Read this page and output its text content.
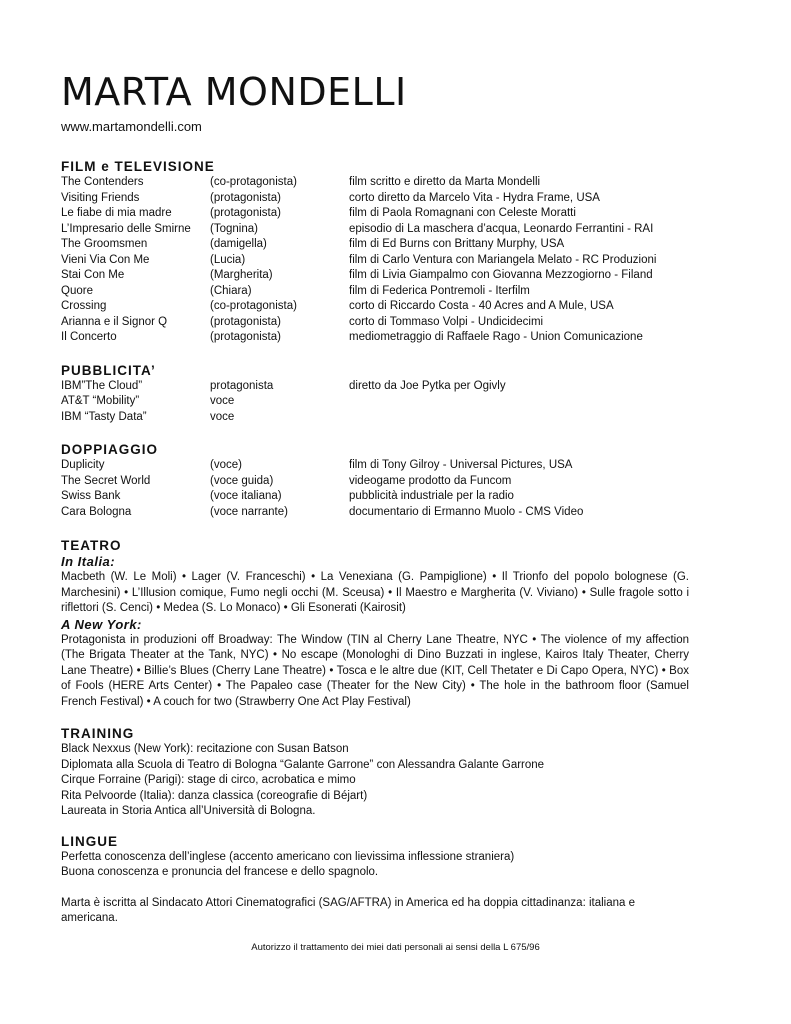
MARTA MONDELLI
www.martamondelli.com
FILM e TELEVISIONE
The Contenders	(co-protagonista)	film scritto e diretto da Marta Mondelli
Visiting Friends	(protagonista)	corto diretto da Marcelo Vita - Hydra Frame, USA
Le fiabe di mia madre	(protagonista)	film di Paola Romagnani con Celeste Moratti
L’Impresario delle Smirne	(Tognina)	episodio di La maschera d’acqua, Leonardo Ferrantini - RAI
The Groomsmen	(damigella)	film di Ed Burns con Brittany Murphy, USA
Vieni Via Con Me	(Lucia)	film di Carlo Ventura con Mariangela Melato - RC Produzioni
Stai Con Me	(Margherita)	film di Livia Giampalmo con Giovanna Mezzogiorno - Filand
Quore	(Chiara)	film di Federica Pontremoli - Iterfilm
Crossing	(co-protagonista)	corto di Riccardo Costa - 40 Acres and A Mule, USA
Arianna e il Signor Q	(protagonista)	corto di Tommaso Volpi - Undicidecimi
Il Concerto	(protagonista)	mediometraggio di Raffaele Rago - Union Comunicazione
PUBBLICITA’
IBM”The Cloud”	protagonista	diretto da Joe Pytka per Ogivly
AT&T “Mobility”	voce
IBM “Tasty Data”	voce
DOPPIAGGIO
Duplicity	(voce)	film di Tony Gilroy - Universal Pictures, USA
The Secret World	(voce guida)	videogame prodotto da Funcom
Swiss Bank	(voce italiana)	pubblicità industriale per la radio
Cara Bologna	(voce narrante)	documentario di Ermanno Muolo - CMS Video
TEATRO
In Italia:
Macbeth (W. Le Moli) • Lager (V. Franceschi) • La Venexiana (G. Pampiglione) • Il Trionfo del popolo bolognese (G. Marchesini) • L’Illusion comique, Fumo negli occhi (M. Sceusa) • Il Maestro e Margherita (V. Viviano) • Sulle fragole sotto i riflettori (S. Cenci) • Medea (S. Lo Monaco) • Gli Esonerati (Kairosit)
A New York:
Protagonista in produzioni off Broadway: The Window (TIN al Cherry Lane Theatre, NYC • The violence of my affection (The Brigata Theater at the Tank, NYC) • No escape (Monologhi di Dino Buzzati in inglese, Kairos Italy Theater, Cherry Lane Theatre) • Billie’s Blues (Cherry Lane Theatre) • Tosca e le altre due (KIT, Cell Thetater e Di Capo Opera, NYC) • Box of Fools (HERE Arts Center) • The Papaleo case (Theater for the New City) • The hole in the bathroom floor (Samuel French Festival) • A couch for two (Strawberry One Act Play Festival)
TRAINING
Black Nexxus (New York): recitazione con Susan Batson
Diplomata alla Scuola di Teatro di Bologna “Galante Garrone” con Alessandra Galante Garrone
Cirque Forraine (Parigi): stage di circo, acrobatica e mimo
Rita Pelvoorde (Italia): danza classica (coreografie di Béjart)
Laureata in Storia Antica all’Università di Bologna.
LINGUE
Perfetta conoscenza dell’inglese (accento americano con lievissima inflessione straniera)
Buona conoscenza e pronuncia del francese e dello spagnolo.
Marta è iscritta al Sindacato Attori Cinematografici (SAG/AFTRA) in America ed ha doppia cittadinanza: italiana e americana.
Autorizzo il trattamento dei miei dati personali ai sensi della L 675/96
